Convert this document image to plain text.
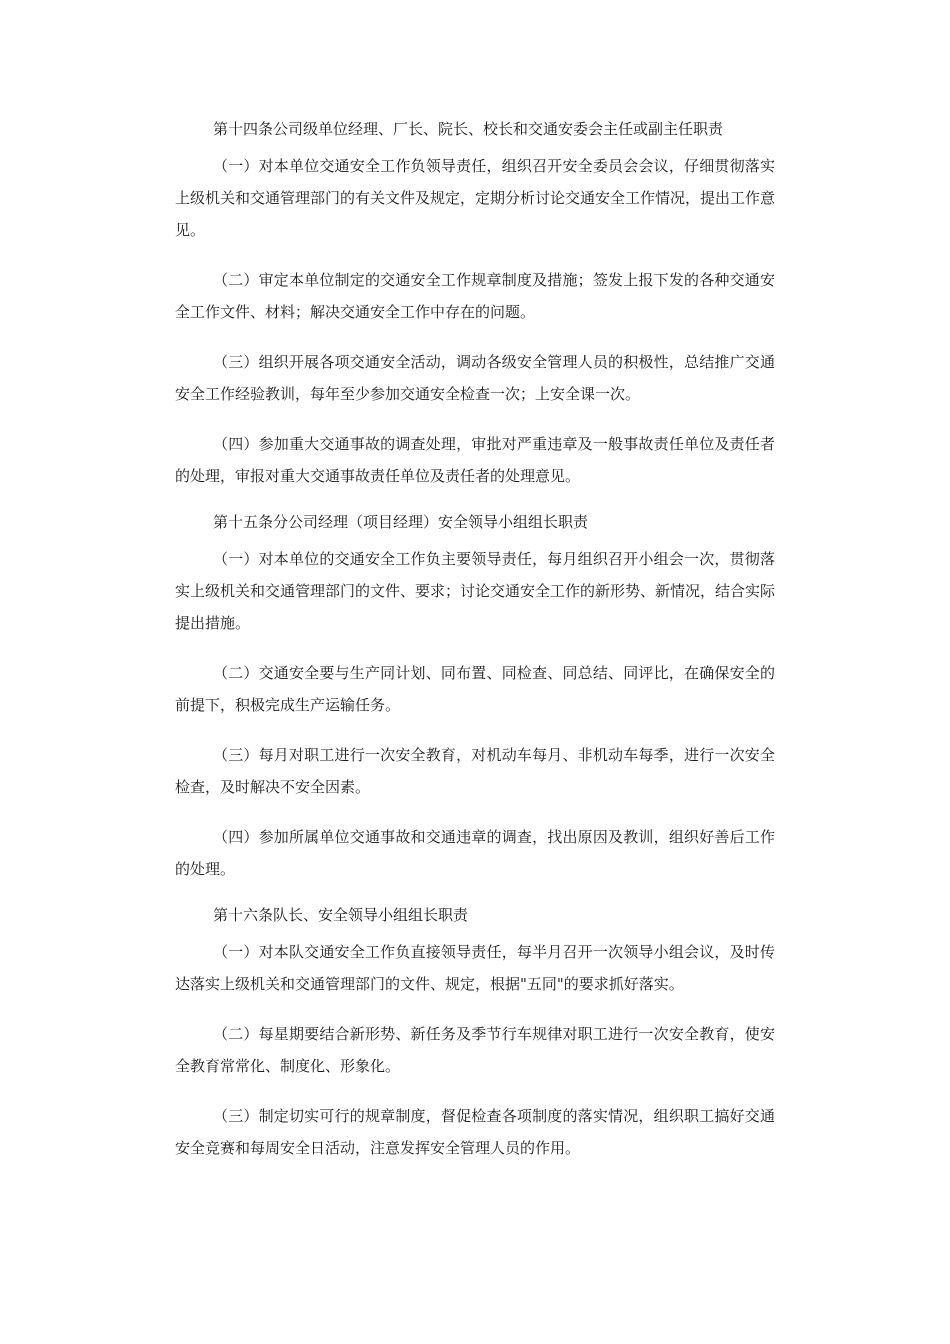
第十四条公司级单位经理、厂长、院长、校长和交通安委会主任或副主任职责

（一）对本单位交通安全工作负领导责任，组织召开安全委员会会议，仔细贯彻落实上级机关和交通管理部门的有关文件及规定，定期分析讨论交通安全工作情况，提出工作意见。

（二）审定本单位制定的交通安全工作规章制度及措施；签发上报下发的各种交通安全工作文件、材料；解决交通安全工作中存在的问题。

（三）组织开展各项交通安全活动，调动各级安全管理人员的积极性，总结推广交通安全工作经验教训，每年至少参加交通安全检查一次；上安全课一次。

（四）参加重大交通事故的调查处理，审批对严重违章及一般事故责任单位及责任者的处理，审报对重大交通事故责任单位及责任者的处理意见。

第十五条分公司经理（项目经理）安全领导小组组长职责

（一）对本单位的交通安全工作负主要领导责任，每月组织召开小组会一次，贯彻落实上级机关和交通管理部门的文件、要求；讨论交通安全工作的新形势、新情况，结合实际提出措施。

（二）交通安全要与生产同计划、同布置、同检查、同总结、同评比，在确保安全的前提下，积极完成生产运输任务。

（三）每月对职工进行一次安全教育，对机动车每月、非机动车每季，进行一次安全检查，及时解决不安全因素。

（四）参加所属单位交通事故和交通违章的调查，找出原因及教训，组织好善后工作的处理。

第十六条队长、安全领导小组组长职责

（一）对本队交通安全工作负直接领导责任，每半月召开一次领导小组会议，及时传达落实上级机关和交通管理部门的文件、规定，根据"五同"的要求抓好落实。

（二）每星期要结合新形势、新任务及季节行车规律对职工进行一次安全教育，使安全教育常常化、制度化、形象化。

（三）制定切实可行的规章制度，督促检查各项制度的落实情况，组织职工搞好交通安全竞赛和每周安全日活动，注意发挥安全管理人员的作用。
